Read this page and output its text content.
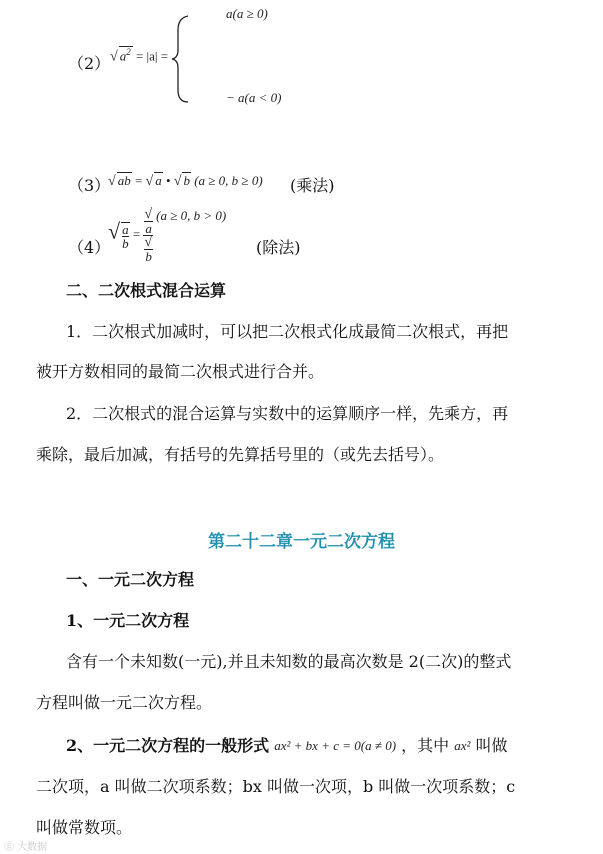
（2） √ $a^2 = |a|$ =
a(a ≥ 0)
− a(a < 0)
（3）
√ ab = √ a • √ b (a ≥ 0, b ≥ 0) (乘法)
（4）
√ $\frac{a}{b}$ = √
a
√
b (a ≥ 0, b > 0)
(除法)
二、二次根式混合运算
1．二次根式加减时，可以把二次根式化成最简二次根式，再把
被开方数相同的最简二次根式进行合并。
2．二次根式的混合运算与实数中的运算顺序一样，先乘方，再
乘除，最后加减，有括号的先算括号里的（或先去括号）。
第二十二章一元二次方程
一、一元二次方程
1、一元二次方程
含有一个未知数(一元),并且未知数的最高次数是 2(二次)的整式
方程叫做一元二次方程。
2、一元二次方程的一般形式 $^{ax^2 + bx + c = 0(a \ne 0)}$ ，其中 $^{ax^2}$ 叫做
二次项，a 叫做二次项系数；bx 叫做一次项，b 叫做一次项系数；c
叫做常数项。
ⓖ 大数据
